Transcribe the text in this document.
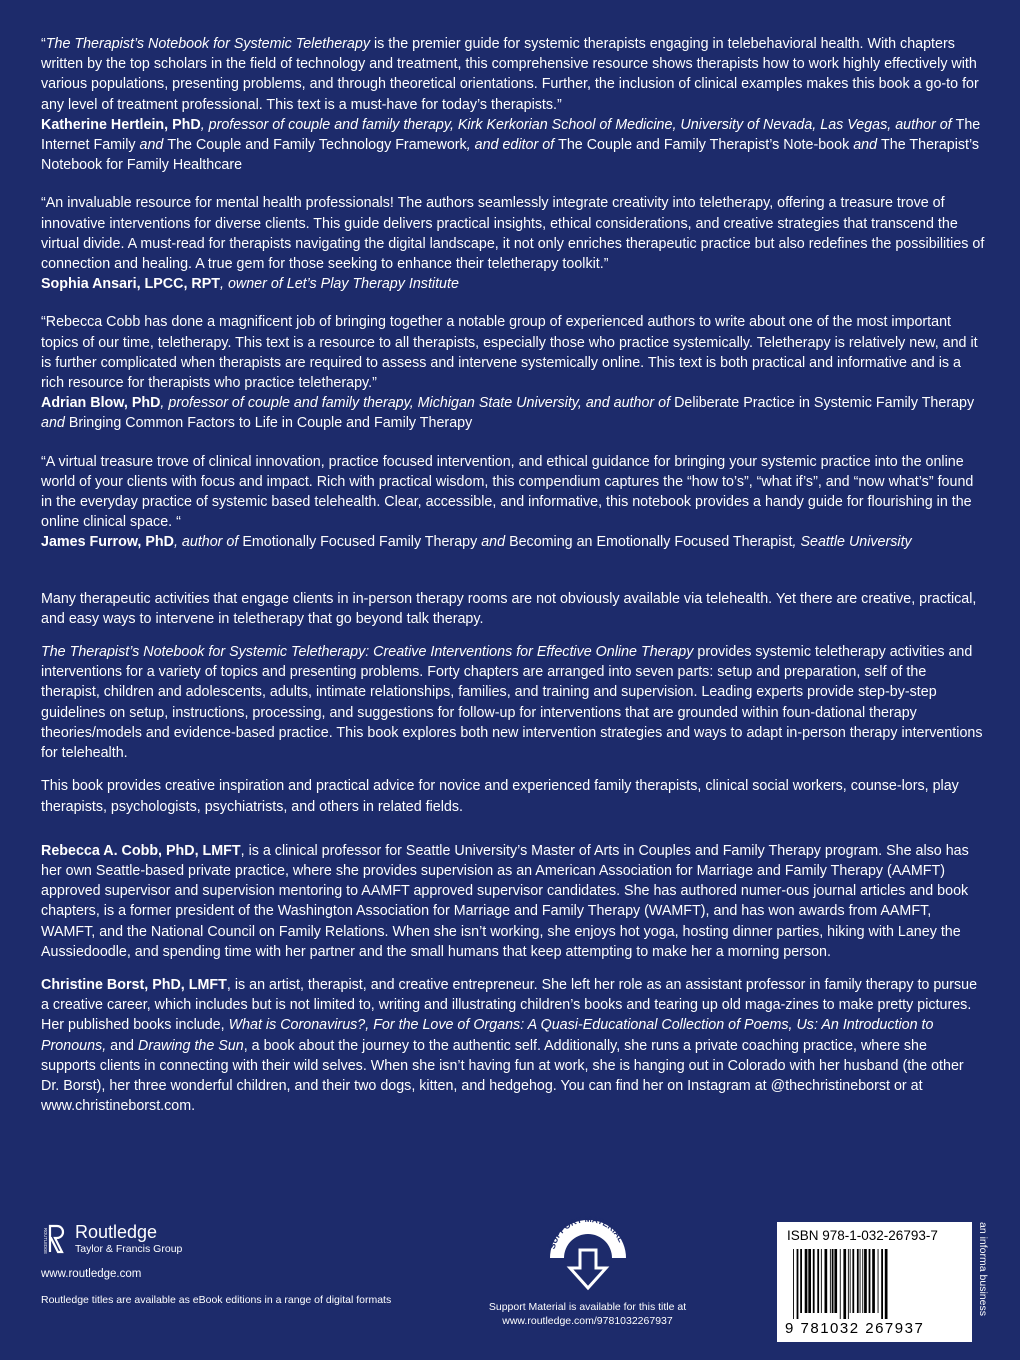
“The Therapist’s Notebook for Systemic Teletherapy is the premier guide for systemic therapists engaging in telebehavioral health. With chapters written by the top scholars in the field of technology and treatment, this comprehensive resource shows therapists how to work highly effectively with various populations, presenting problems, and through theoretical orientations. Further, the inclusion of clinical examples makes this book a go-to for any level of treatment professional. This text is a must-have for today’s therapists.”

Katherine Hertlein, PhD, professor of couple and family therapy, Kirk Kerkorian School of Medicine, University of Nevada, Las Vegas, author of The Internet Family and The Couple and Family Technology Framework, and editor of The Couple and Family Therapist’s Note-book and The Therapist’s Notebook for Family Healthcare

“An invaluable resource for mental health professionals! The authors seamlessly integrate creativity into teletherapy, offering a treasure trove of innovative interventions for diverse clients. This guide delivers practical insights, ethical considerations, and creative strategies that transcend the virtual divide. A must-read for therapists navigating the digital landscape, it not only enriches therapeutic practice but also redefines the possibilities of connection and healing. A true gem for those seeking to enhance their teletherapy toolkit.”

Sophia Ansari, LPCC, RPT, owner of Let’s Play Therapy Institute

“Rebecca Cobb has done a magnificent job of bringing together a notable group of experienced authors to write about one of the most important topics of our time, teletherapy. This text is a resource to all therapists, especially those who practice systemically. Teletherapy is relatively new, and it is further complicated when therapists are required to assess and intervene systemically online. This text is both practical and informative and is a rich resource for therapists who practice teletherapy.”

Adrian Blow, PhD, professor of couple and family therapy, Michigan State University, and author of Deliberate Practice in Systemic Family Therapy and Bringing Common Factors to Life in Couple and Family Therapy

“A virtual treasure trove of clinical innovation, practice focused intervention, and ethical guidance for bringing your systemic practice into the online world of your clients with focus and impact. Rich with practical wisdom, this compendium captures the “how to’s”, “what if’s”, and “now what’s” found in the everyday practice of systemic based telehealth. Clear, accessible, and informative, this notebook provides a handy guide for flourishing in the online clinical space. “

James Furrow, PhD, author of Emotionally Focused Family Therapy and Becoming an Emotionally Focused Therapist, Seattle University

Many therapeutic activities that engage clients in in-person therapy rooms are not obviously available via telehealth. Yet there are creative, practical, and easy ways to intervene in teletherapy that go beyond talk therapy.

The Therapist’s Notebook for Systemic Teletherapy: Creative Interventions for Effective Online Therapy provides systemic teletherapy activities and interventions for a variety of topics and presenting problems. Forty chapters are arranged into seven parts: setup and preparation, self of the therapist, children and adolescents, adults, intimate relationships, families, and training and supervision. Leading experts provide step-by-step guidelines on setup, instructions, processing, and suggestions for follow-up for interventions that are grounded within foun-dational therapy theories/models and evidence-based practice. This book explores both new intervention strategies and ways to adapt in-person therapy interventions for telehealth.

This book provides creative inspiration and practical advice for novice and experienced family therapists, clinical social workers, counse-lors, play therapists, psychologists, psychiatrists, and others in related fields.

Rebecca A. Cobb, PhD, LMFT, is a clinical professor for Seattle University’s Master of Arts in Couples and Family Therapy program. She also has her own Seattle-based private practice, where she provides supervision as an American Association for Marriage and Family Therapy (AAMFT) approved supervisor and supervision mentoring to AAMFT approved supervisor candidates. She has authored numer-ous journal articles and book chapters, is a former president of the Washington Association for Marriage and Family Therapy (WAMFT), and has won awards from AAMFT, WAMFT, and the National Council on Family Relations. When she isn’t working, she enjoys hot yoga, hosting dinner parties, hiking with Laney the Aussiedoodle, and spending time with her partner and the small humans that keep attempting to make her a morning person.

Christine Borst, PhD, LMFT, is an artist, therapist, and creative entrepreneur. She left her role as an assistant professor in family therapy to pursue a creative career, which includes but is not limited to, writing and illustrating children’s books and tearing up old maga-zines to make pretty pictures. Her published books include, What is Coronavirus?, For the Love of Organs: A Quasi-Educational Collection of Poems, Us: An Introduction to Pronouns, and Drawing the Sun, a book about the journey to the authentic self. Additionally, she runs a private coaching practice, where she supports clients in connecting with their wild selves. When she isn’t having fun at work, she is hanging out in Colorado with her husband (the other Dr. Borst), her three wonderful children, and their two dogs, kitten, and hedgehog. You can find her on Instagram at @thechristineborst or at www.christineborst.com.

ROUTLEDGE Routledge
Taylor & Francis Group
www.routledge.com
Routledge titles are available as eBook editions in a range of digital formats
SUPPORT MATERIAL
Support Material is available for this title at
www.routledge.com/9781032267937
ISBN 978-1-032-26793-7
9 781032 267937
an informa business
